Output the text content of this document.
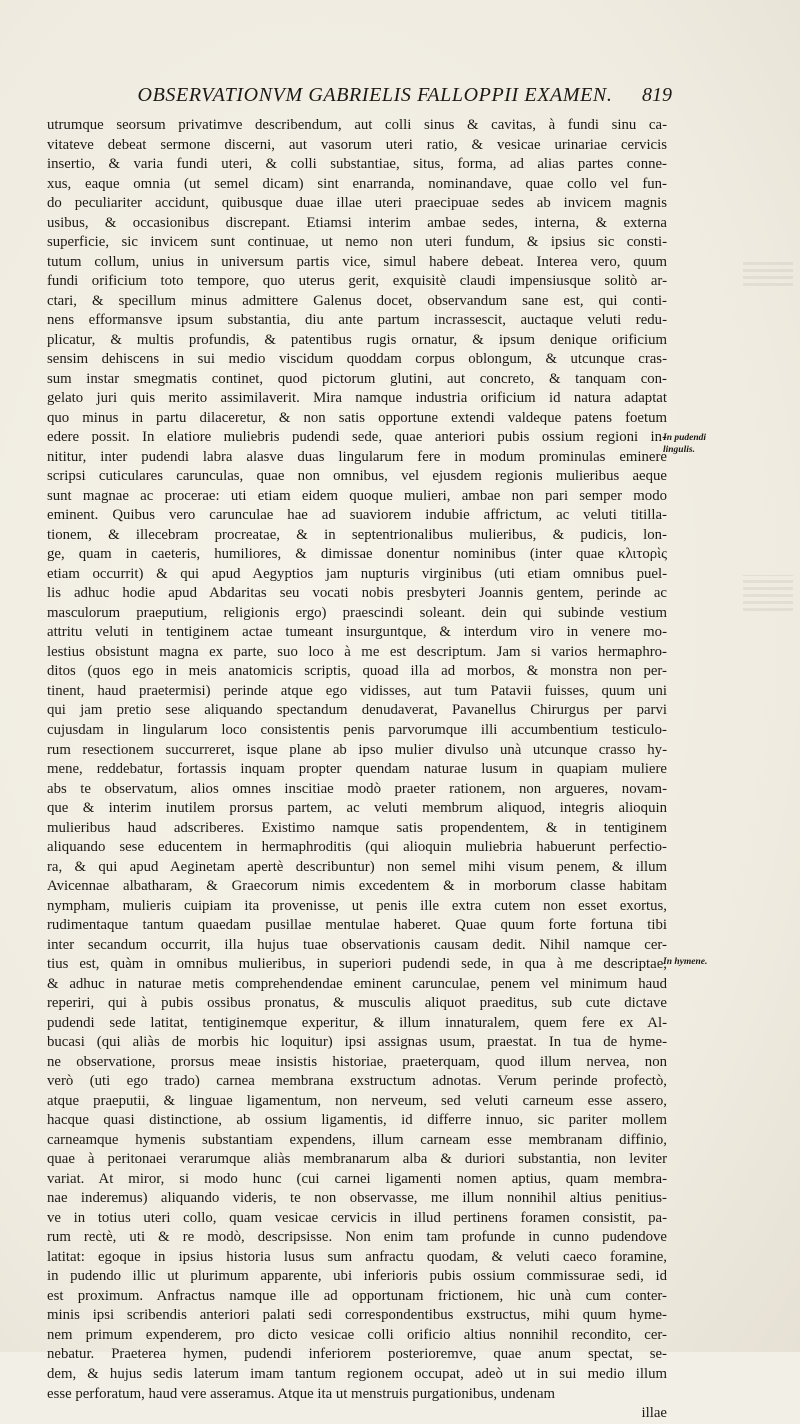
OBSERVATIONVM GABRIELIS FALLOPPII EXAMEN.	819
utrumque seorsum privatimve describendum, aut colli sinus & cavitas, à fundi sinu ca-
vitateve debeat sermone discerni, aut vasorum uteri ratio, & vesicae urinariae cervicis
insertio, & varia fundi uteri, & colli substantiae, situs, forma, ad alias partes conne-
xus, eaque omnia (ut semel dicam) sint enarranda, nominandave, quae collo vel fun-
do peculiariter accidunt, quibusque duae illae uteri praecipuae sedes ab invicem magnis
usibus, & occasionibus discrepant. Etiamsi interim ambae sedes, interna, & externa
superficie, sic invicem sunt continuae, ut nemo non uteri fundum, & ipsius sic consti-
tutum collum, unius in universum partis vice, simul habere debeat. Interea vero, quum
fundi orificium toto tempore, quo uterus gerit, exquisitè claudi impensiusque solitò ar-
ctari, & specillum minus admittere Galenus docet, observandum sane est, qui conti-
nens efformansve ipsum substantia, diu ante partum incrassescit, auctaque veluti redu-
plicatur, & multis profundis, & patentibus rugis ornatur, & ipsum denique orificium
sensim dehiscens in sui medio viscidum quoddam corpus oblongum, & utcunque cras-
sum instar smegmatis continet, quod pictorum glutini, aut concreto, & tanquam con-
gelato juri quis merito assimilaverit. Mira namque industria orificium id natura adaptat
quo minus in partu dilaceretur, & non satis opportune extendi valdeque patens foetum
edere possit. In elatiore muliebris pudendi sede, quae anteriori pubis ossium regioni in-
nititur, inter pudendi labra alasve duas lingularum fere in modum prominulas eminere
scripsi cuticulares carunculas, quae non omnibus, vel ejusdem regionis mulieribus aeque
sunt magnae ac procerae: uti etiam eidem quoque mulieri, ambae non pari semper modo
eminent. Quibus vero carunculae hae ad suaviorem indubie affrictum, ac veluti titilla-
tionem, & illecebram procreatae, & in septentrionalibus mulieribus, & pudicis, lon-
ge, quam in caeteris, humiliores, & dimissae donentur nominibus (inter quae κλιτορὶς
etiam occurrit) & qui apud Aegyptios jam nupturis virginibus (uti etiam omnibus puel-
lis adhuc hodie apud Abdaritas seu vocati nobis presbyteri Joannis gentem, perinde ac
masculorum praeputium, religionis ergo) praescindi soleant. dein qui subinde vestium
attritu veluti in tentiginem actae tumeant insurguntque, & interdum viro in venere mo-
lestius obsistunt magna ex parte, suo loco à me est descriptum. Jam si varios hermaphro-
ditos (quos ego in meis anatomicis scriptis, quoad illa ad morbos, & monstra non per-
tinent, haud praetermisi) perinde atque ego vidisses, aut tum Patavii fuisses, quum uni
qui jam pretio sese aliquando spectandum denudaverat, Pavanellus Chirurgus per parvi
cujusdam in lingularum loco consistentis penis parvorumque illi accumbentium testiculo-
rum resectionem succurreret, isque plane ab ipso mulier divulso unà utcunque crasso hy-
mene, reddebatur, fortassis inquam propter quendam naturae lusum in quapiam muliere
abs te observatum, alios omnes inscitiae modò praeter rationem, non argueres, novam-
que & interim inutilem prorsus partem, ac veluti membrum aliquod, integris alioquin
mulieribus haud adscriberes. Existimo namque satis propendentem, & in tentiginem
aliquando sese educentem in hermaphroditis (qui alioquin muliebria habuerunt perfectio-
ra, & qui apud Aeginetam apertè describuntur) non semel mihi visum penem, & illum
Avicennae albatharam, & Graecorum nimis excedentem & in morborum classe habitam
nympham, mulieris cuipiam ita provenisse, ut penis ille extra cutem non esset exortus,
rudimentaque tantum quaedam pusillae mentulae haberet. Quae quum forte fortuna tibi
inter secandum occurrit, illa hujus tuae observationis causam dedit. Nihil namque cer-
tius est, quàm in omnibus mulieribus, in superiori pudendi sede, in qua à me descriptae,
& adhuc in naturae metis comprehendendae eminent carunculae, penem vel minimum haud
reperiri, qui à pubis ossibus pronatus, & musculis aliquot praeditus, sub cute dictave
pudendi sede latitat, tentiginemque experitur, & illum innaturalem, quem fere ex Al-
bucasi (qui aliàs de morbis hic loquitur) ipsi assignas usum, praestat. In tua de hyme-
ne observatione, prorsus meae insistis historiae, praeterquam, quod illum nervea, non
verò (uti ego trado) carnea membrana exstructum adnotas. Verum perinde profectò,
atque praeputii, & linguae ligamentum, non nerveum, sed veluti carneum esse assero,
hacque quasi distinctione, ab ossium ligamentis, id differre innuo, sic pariter mollem
carneamque hymenis substantiam expendens, illum carneam esse membranam diffinio,
quae à peritonaei verarumque aliàs membranarum alba & duriori substantia, non leviter
variat. At miror, si modo hunc (cui carnei ligamenti nomen aptius, quam membra-
nae inderemus) aliquando videris, te non observasse, me illum nonnihil altius penitius-
ve in totius uteri collo, quam vesicae cervicis in illud pertinens foramen consistit, pa-
rum rectè, uti & re modò, descripsisse. Non enim tam profunde in cunno pudendove
latitat: egoque in ipsius historia lusus sum anfractu quodam, & veluti caeco foramine,
in pudendo illic ut plurimum apparente, ubi inferioris pubis ossium commissurae sedi, id
est proximum. Anfractus namque ille ad opportunam frictionem, hic unà cum conter-
minis ipsi scribendis anteriori palati sedi correspondentibus exstructus, mihi quum hyme-
nem primum expenderem, pro dicto vesicae colli orificio altius nonnihil recondito, cer-
nebatur. Praeterea hymen, pudendi inferiorem posterioremve, quae anum spectat, se-
dem, & hujus sedis laterum imam tantum regionem occupat, adeò ut in sui medio illum
esse perforatum, haud vere asseramus. Atque ita ut menstruis purgationibus, undenam
illae
In pudendi lingulis.
In hymene.
